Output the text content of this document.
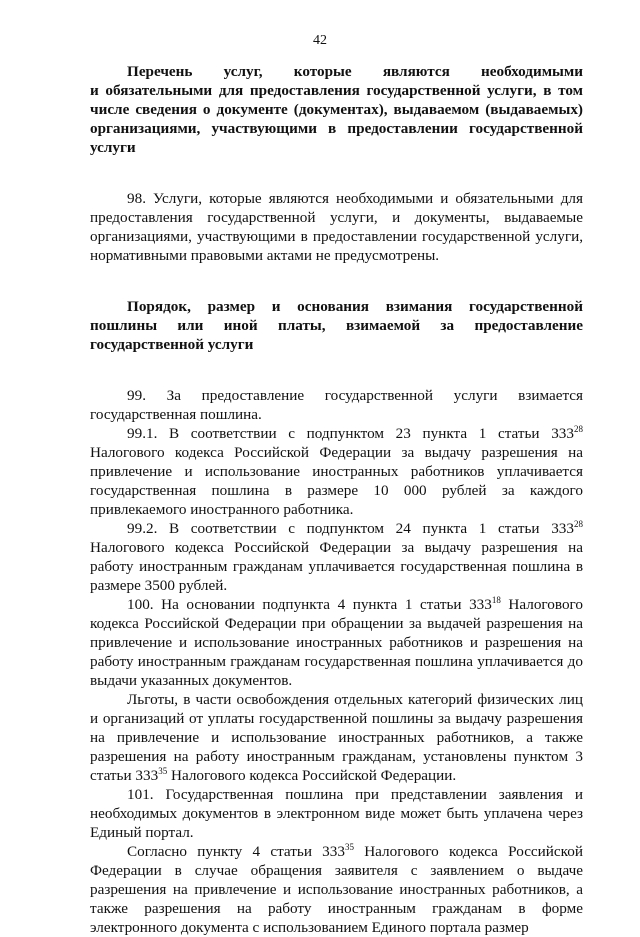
42

Перечень услуг, которые являются необходимыми
и обязательными для предоставления государственной услуги, в том числе сведения о документе (документах), выдаваемом (выдаваемых) организациями, участвующими в предоставлении государственной услуги

98. Услуги, которые являются необходимыми и обязательными для предоставления государственной услуги, и документы, выдаваемые организациями, участвующими в предоставлении государственной услуги, нормативными правовыми актами не предусмотрены.

Порядок, размер и основания взимания государственной пошлины или иной платы, взимаемой за предоставление государственной услуги

99. За предоставление государственной услуги взимается государственная пошлина.

99.1. В соответствии с подпунктом 23 пункта 1 статьи $333^{28}$ Налогового кодекса Российской Федерации за выдачу разрешения на привлечение и использование иностранных работников уплачивается государственная пошлина в размере 10 000 рублей за каждого привлекаемого иностранного работника.

99.2. В соответствии с подпунктом 24 пункта 1 статьи $333^{28}$ Налогового кодекса Российской Федерации за выдачу разрешения на работу иностранным гражданам уплачивается государственная пошлина в размере 3500 рублей.

100. На основании подпункта 4 пункта 1 статьи $333^{18}$ Налогового кодекса Российской Федерации при обращении за выдачей разрешения на привлечение и использование иностранных работников и разрешения на работу иностранным гражданам государственная пошлина уплачивается до выдачи указанных документов.

Льготы, в части освобождения отдельных категорий физических лиц и организаций от уплаты государственной пошлины за выдачу разрешения на привлечение и использование иностранных работников, а также разрешения на работу иностранным гражданам, установлены пунктом 3 статьи $333^{35}$ Налогового кодекса Российской Федерации.

101. Государственная пошлина при представлении заявления и необходимых документов в электронном виде может быть уплачена через Единый портал.

Согласно пункту 4 статьи $333^{35}$ Налогового кодекса Российской Федерации в случае обращения заявителя с заявлением о выдаче разрешения на привлечение и использование иностранных работников, а также разрешения на работу иностранным гражданам в форме электронного документа с использованием Единого портала размер
